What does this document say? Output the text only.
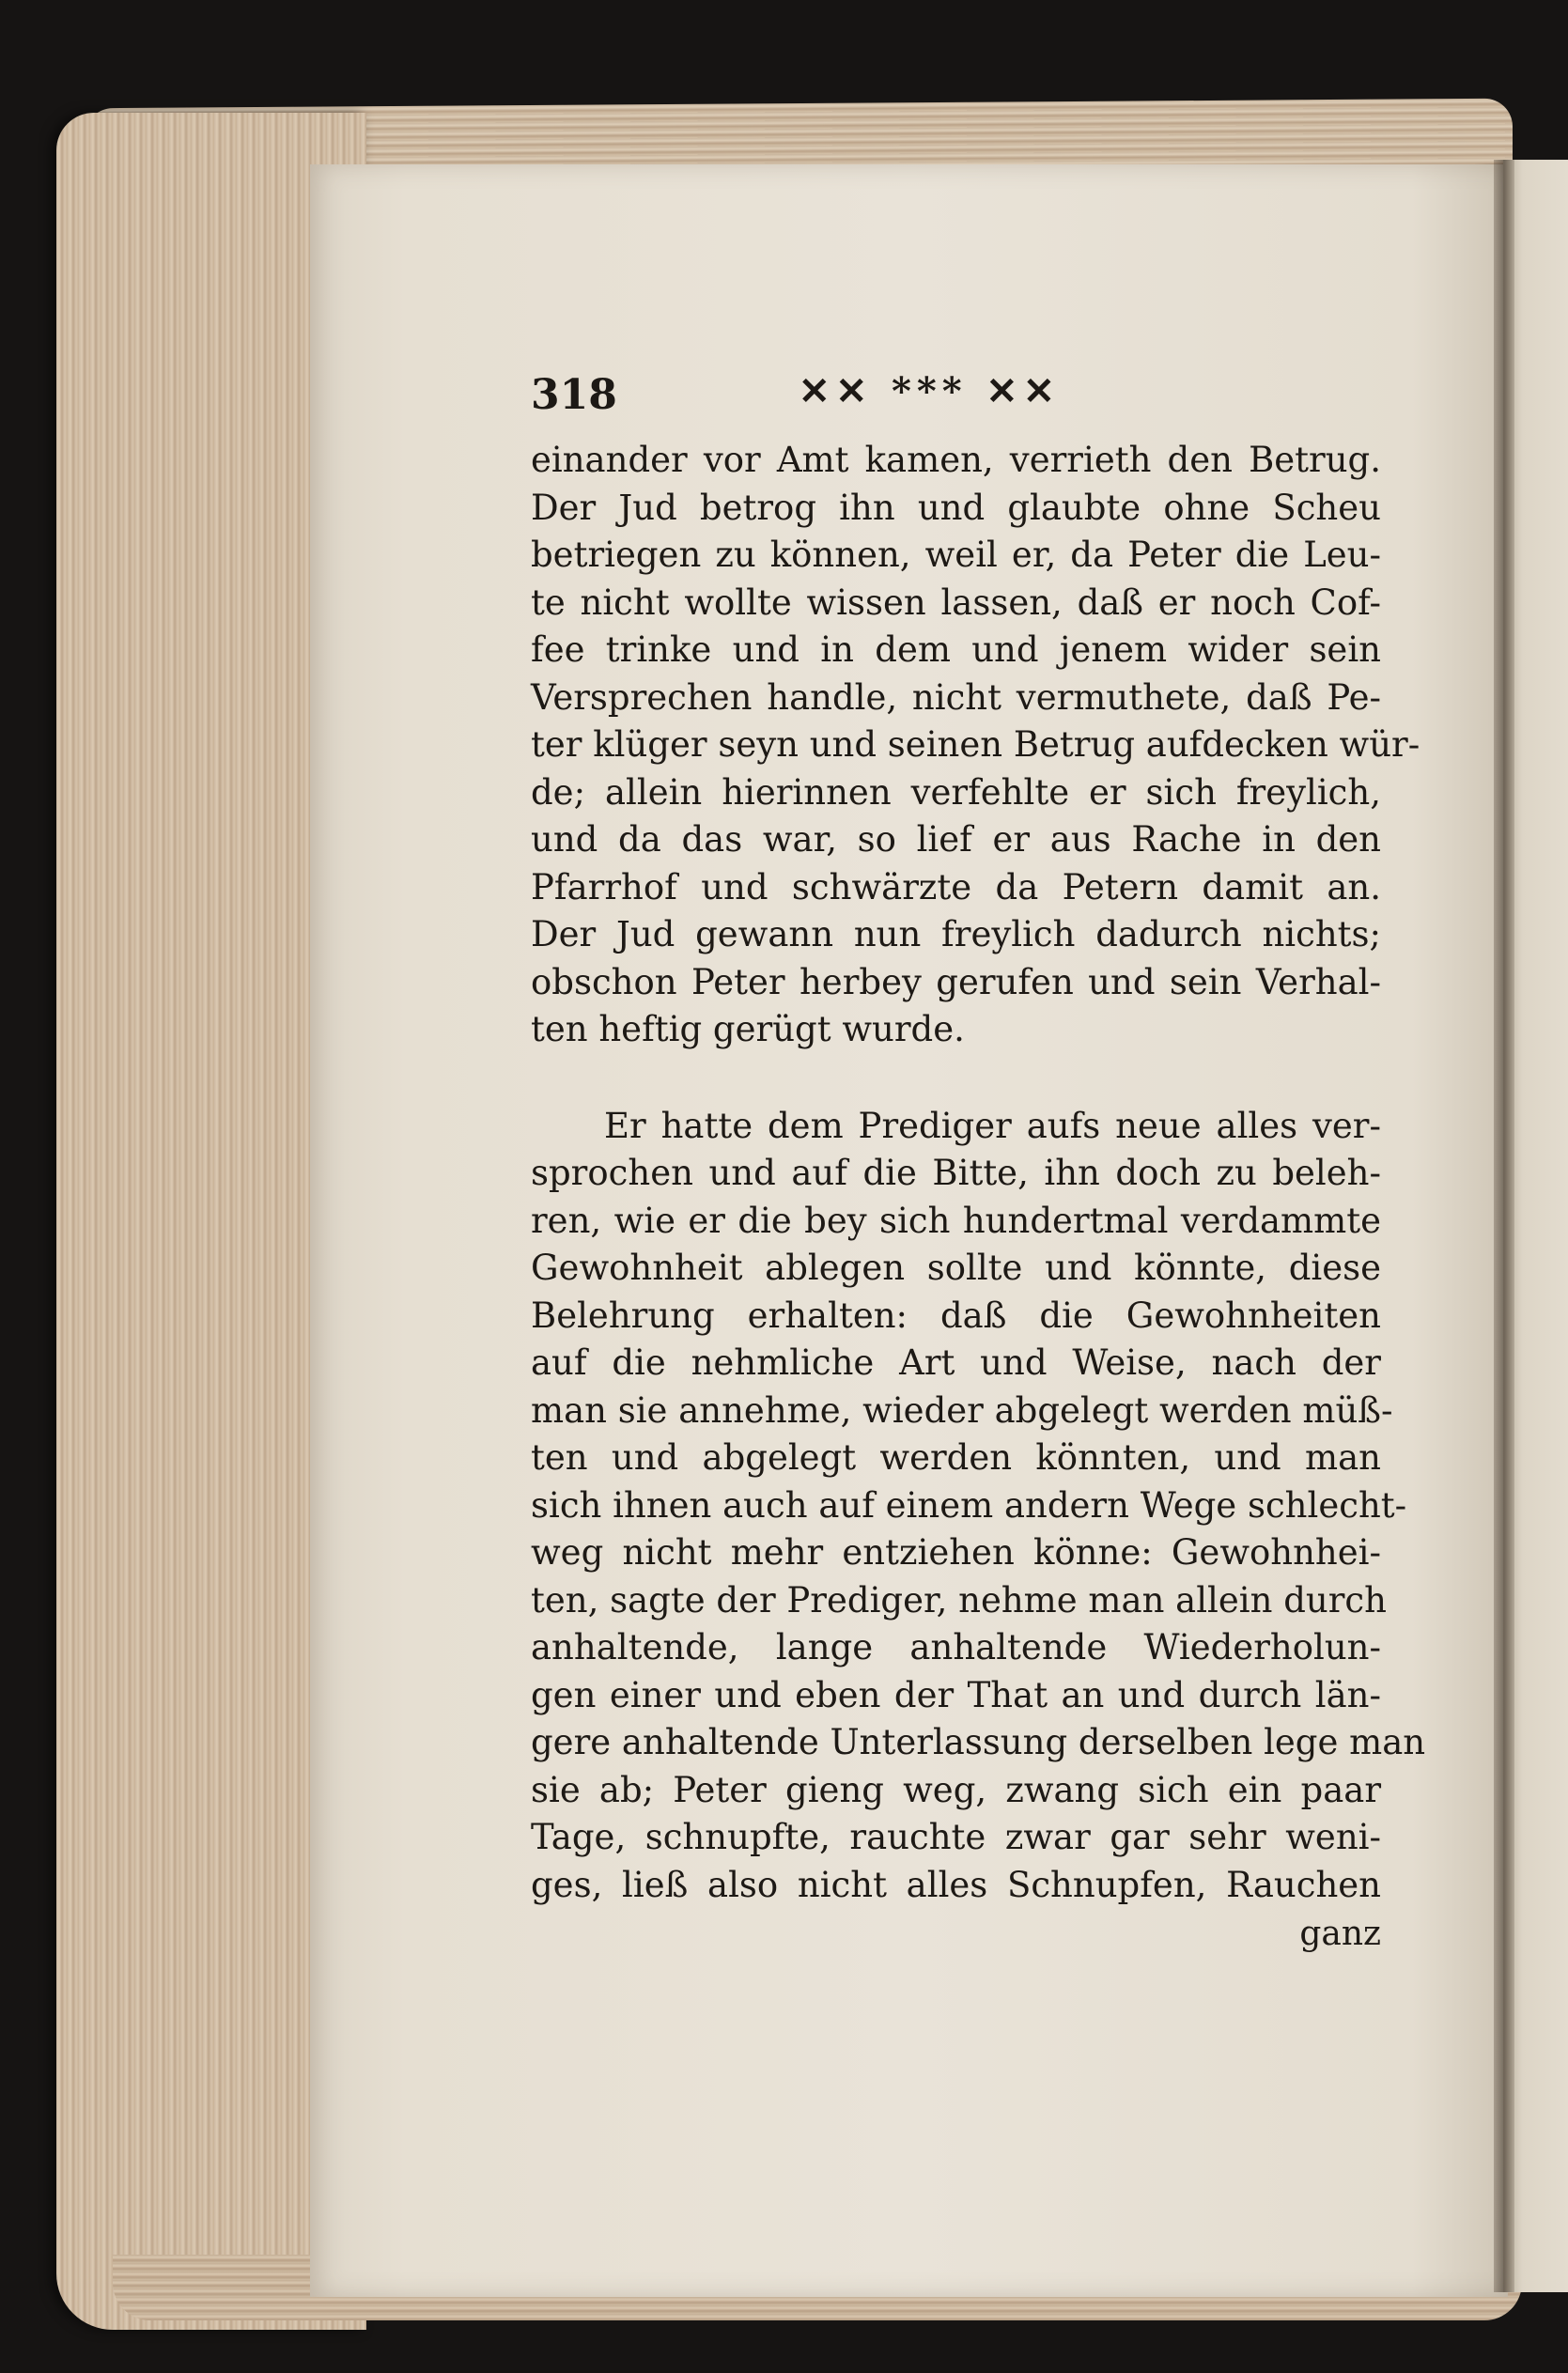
318	✕✕ *** ✕✕

einander vor Amt kamen, verrieth den Betrug.
Der Jud betrog ihn und glaubte ohne Scheu
betriegen zu können, weil er, da Peter die Leu-
te nicht wollte wissen lassen, daß er noch Cof-
fee trinke und in dem und jenem wider sein
Versprechen handle, nicht vermuthete, daß Pe-
ter klüger seyn und seinen Betrug aufdecken wür-
de; allein hierinnen verfehlte er sich freylich,
und da das war, so lief er aus Rache in den
Pfarrhof und schwärzte da Petern damit an.
Der Jud gewann nun freylich dadurch nichts;
obschon Peter herbey gerufen und sein Verhal-
ten heftig gerügt wurde.

Er hatte dem Prediger aufs neue alles ver-
sprochen und auf die Bitte, ihn doch zu beleh-
ren, wie er die bey sich hundertmal verdammte
Gewohnheit ablegen sollte und könnte, diese
Belehrung erhalten: daß die Gewohnheiten
auf die nehmliche Art und Weise, nach der
man sie annehme, wieder abgelegt werden müß-
ten und abgelegt werden könnten, und man
sich ihnen auch auf einem andern Wege schlecht-
weg nicht mehr entziehen könne: Gewohnhei-
ten, sagte der Prediger, nehme man allein durch
anhaltende, lange anhaltende Wiederholun-
gen einer und eben der That an und durch län-
gere anhaltende Unterlassung derselben lege man
sie ab; Peter gieng weg, zwang sich ein paar
Tage, schnupfte, rauchte zwar gar sehr weni-
ges, ließ also nicht alles Schnupfen, Rauchen

ganz
